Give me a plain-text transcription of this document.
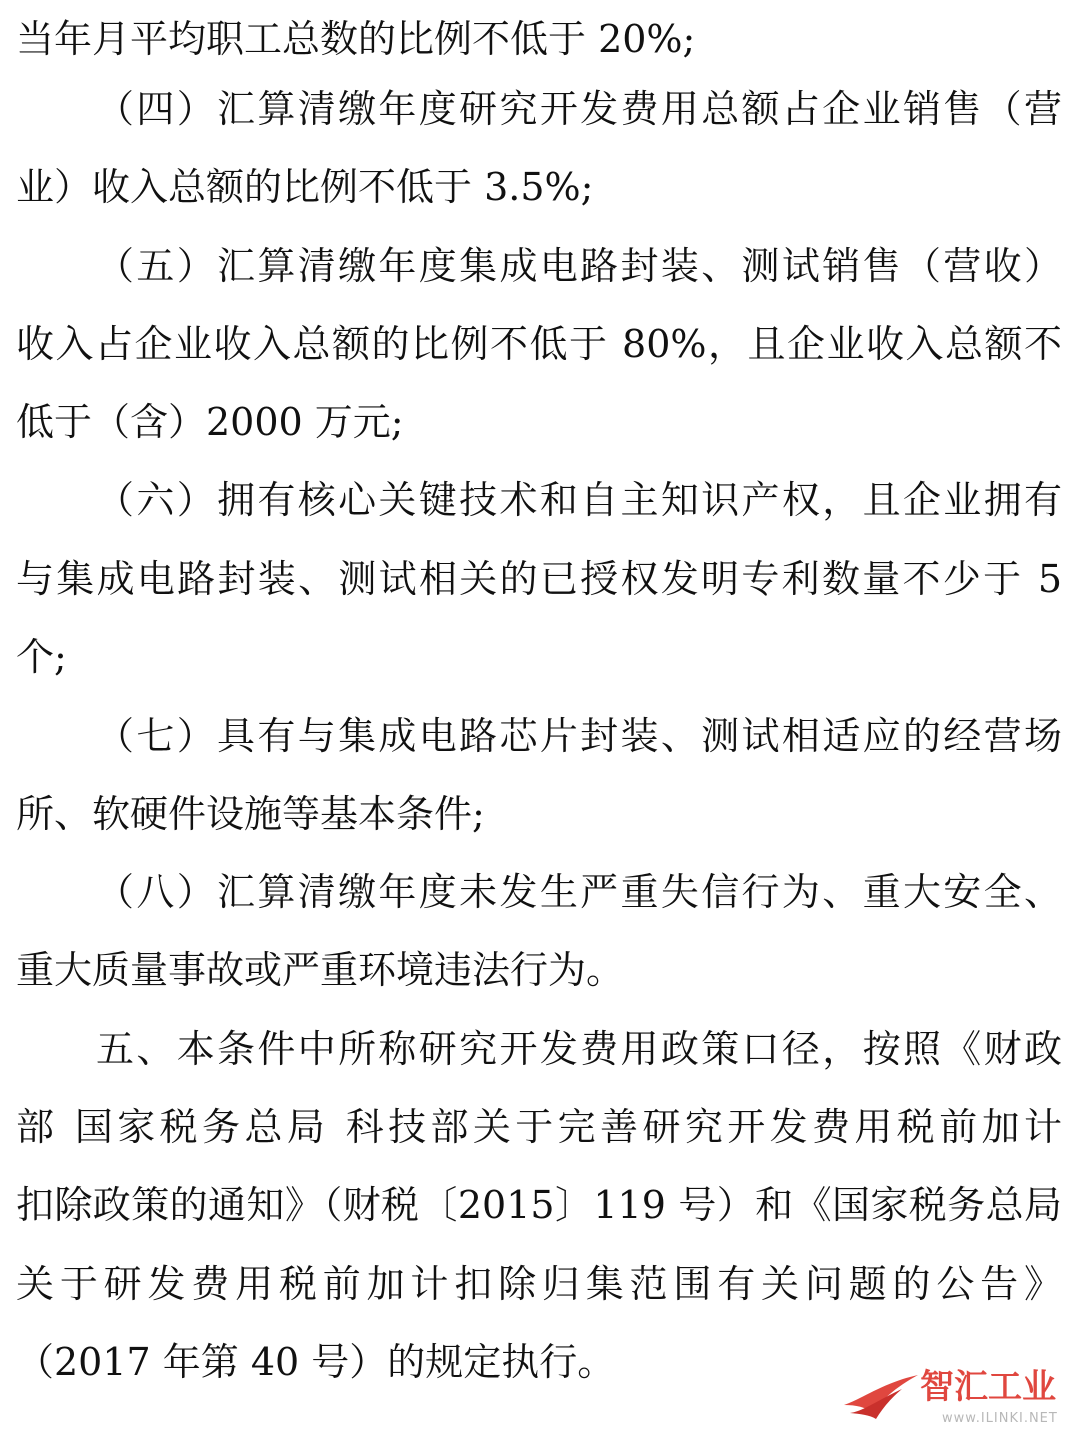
当年月平均职工总数的比例不低于 20%;
（四）汇算清缴年度研究开发费用总额占企业销售（营
业）收入总额的比例不低于 3.5%;
（五）汇算清缴年度集成电路封装、测试销售（营收）
收入占企业收入总额的比例不低于 80%，且企业收入总额不
低于（含）2000 万元;
（六）拥有核心关键技术和自主知识产权，且企业拥有
与集成电路封装、测试相关的已授权发明专利数量不少于 5
个;
（七）具有与集成电路芯片封装、测试相适应的经营场
所、软硬件设施等基本条件;
（八）汇算清缴年度未发生严重失信行为、重大安全、
重大质量事故或严重环境违法行为。
五、本条件中所称研究开发费用政策口径，按照《财政
部 国家税务总局 科技部关于完善研究开发费用税前加计
扣除政策的通知》（财税〔2015〕119 号）和《国家税务总局
关于研发费用税前加计扣除归集范围有关问题的公告》
（2017 年第 40 号）的规定执行。
智汇工业
www.ILINKI.NET
